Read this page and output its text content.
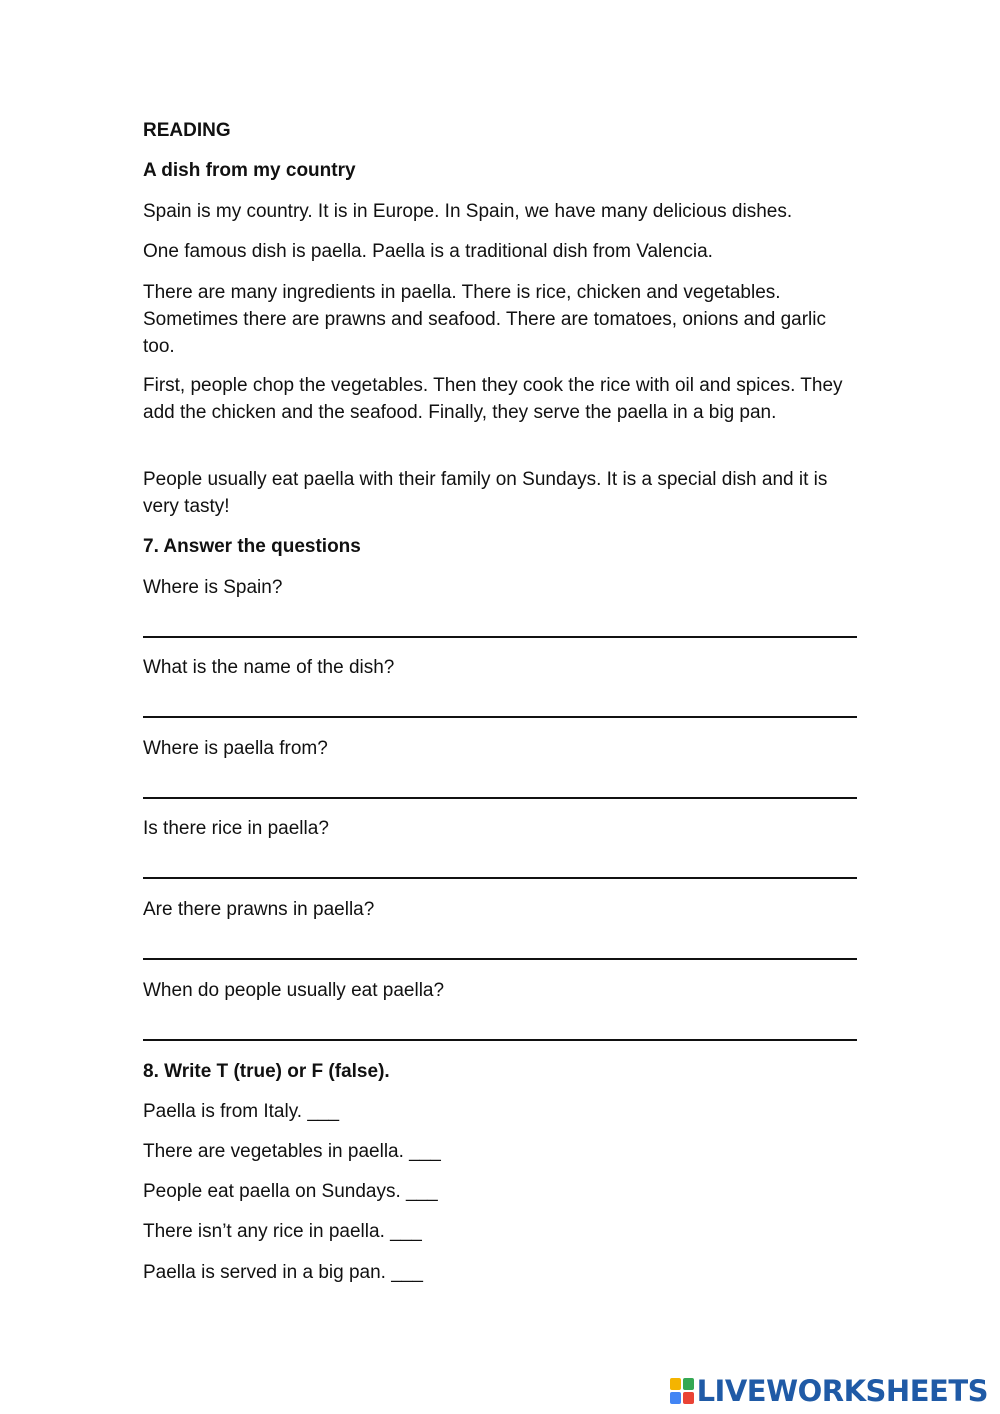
READING
A dish from my country
Spain is my country. It is in Europe. In Spain, we have many delicious dishes.
One famous dish is paella. Paella is a traditional dish from Valencia.
There are many ingredients in paella. There is rice, chicken and vegetables. Sometimes there are prawns and seafood. There are tomatoes, onions and garlic too.
First, people chop the vegetables. Then they cook the rice with oil and spices. They add the chicken and the seafood. Finally, they serve the paella in a big pan.
People usually eat paella with their family on Sundays. It is a special dish and it is very tasty!
7. Answer the questions
Where is Spain?
What is the name of the dish?
Where is paella from?
Is there rice in paella?
Are there prawns in paella?
When do people usually eat paella?
8. Write T (true) or F (false).
Paella is from Italy. ___
There are vegetables in paella. ___
People eat paella on Sundays. ___
There isn’t any rice in paella. ___
Paella is served in a big pan. ___
LIVEWORKSHEETS
